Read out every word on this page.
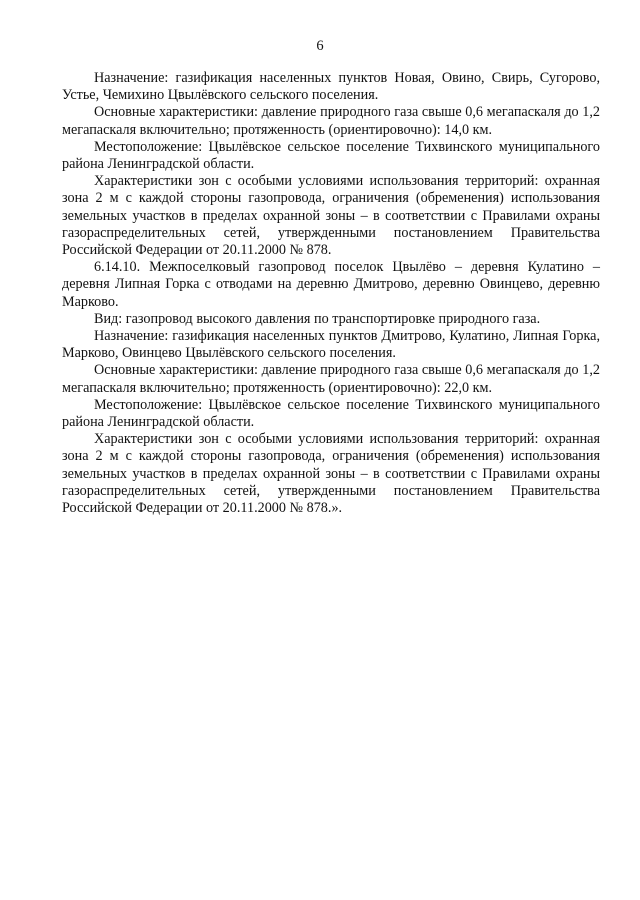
6

Назначение: газификация населенных пунктов Новая, Овино, Свирь, Сугорово, Устье, Чемихино Цвылёвского сельского поселения.

Основные характеристики: давление природного газа свыше 0,6 мегапаскаля до 1,2 мегапаскаля включительно; протяженность (ориентировочно): 14,0 км.

Местоположение: Цвылёвское сельское поселение Тихвинского муниципального района Ленинградской области.

Характеристики зон с особыми условиями использования территорий: охранная зона 2 м с каждой стороны газопровода, ограничения (обременения) использования земельных участков в пределах охранной зоны – в соответствии с Правилами охраны газораспределительных сетей, утвержденными постановлением Правительства Российской Федерации от 20.11.2000 № 878.

6.14.10. Межпоселковый газопровод поселок Цвылёво – деревня Кулатино – деревня Липная Горка с отводами на деревню Дмитрово, деревню Овинцево, деревню Марково.

Вид: газопровод высокого давления по транспортировке природного газа.

Назначение: газификация населенных пунктов Дмитрово, Кулатино, Липная Горка, Марково, Овинцево Цвылёвского сельского поселения.

Основные характеристики: давление природного газа свыше 0,6 мегапаскаля до 1,2 мегапаскаля включительно; протяженность (ориентировочно): 22,0 км.

Местоположение: Цвылёвское сельское поселение Тихвинского муниципального района Ленинградской области.

Характеристики зон с особыми условиями использования территорий: охранная зона 2 м с каждой стороны газопровода, ограничения (обременения) использования земельных участков в пределах охранной зоны – в соответствии с Правилами охраны газораспределительных сетей, утвержденными постановлением Правительства Российской Федерации от 20.11.2000 № 878.».
